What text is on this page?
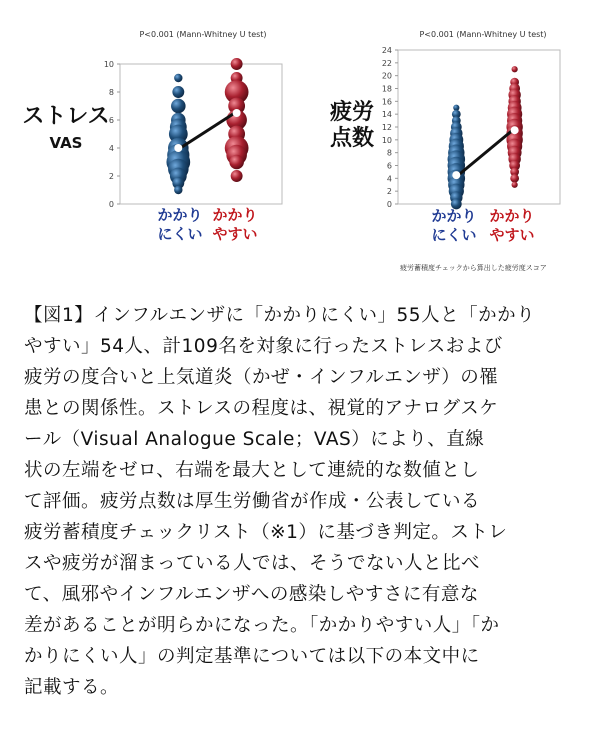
P<0.001 (Mann-Whitney U test)
ストレス
VAS
0
2
4
6
8
10
かかり
にくい
かかり
やすい
P<0.001 (Mann-Whitney U test)
疲労
点数
0
2
4
6
8
10
12
14
16
18
20
22
24
かかり
にくい
かかり
やすい
疲労蓄積度チェックから算出した疲労度スコア

【図1】インフルエンザに「かかりにくい」55人と「かかり

やすい」54人、計109名を対象に行ったストレスおよび

疲労の度合いと上気道炎（かぜ・インフルエンザ）の罹

患との関係性。ストレスの程度は、視覚的アナログスケ

ール（Visual Analogue Scale；VAS）により、直線

状の左端をゼロ、右端を最大として連続的な数値とし

て評価。疲労点数は厚生労働省が作成・公表している

疲労蓄積度チェックリスト（※1）に基づき判定。ストレ

スや疲労が溜まっている人では、そうでない人と比べ

て、風邪やインフルエンザへの感染しやすさに有意な

差があることが明らかになった。「かかりやすい人」「か

かりにくい人」の判定基準については以下の本文中に

記載する。
